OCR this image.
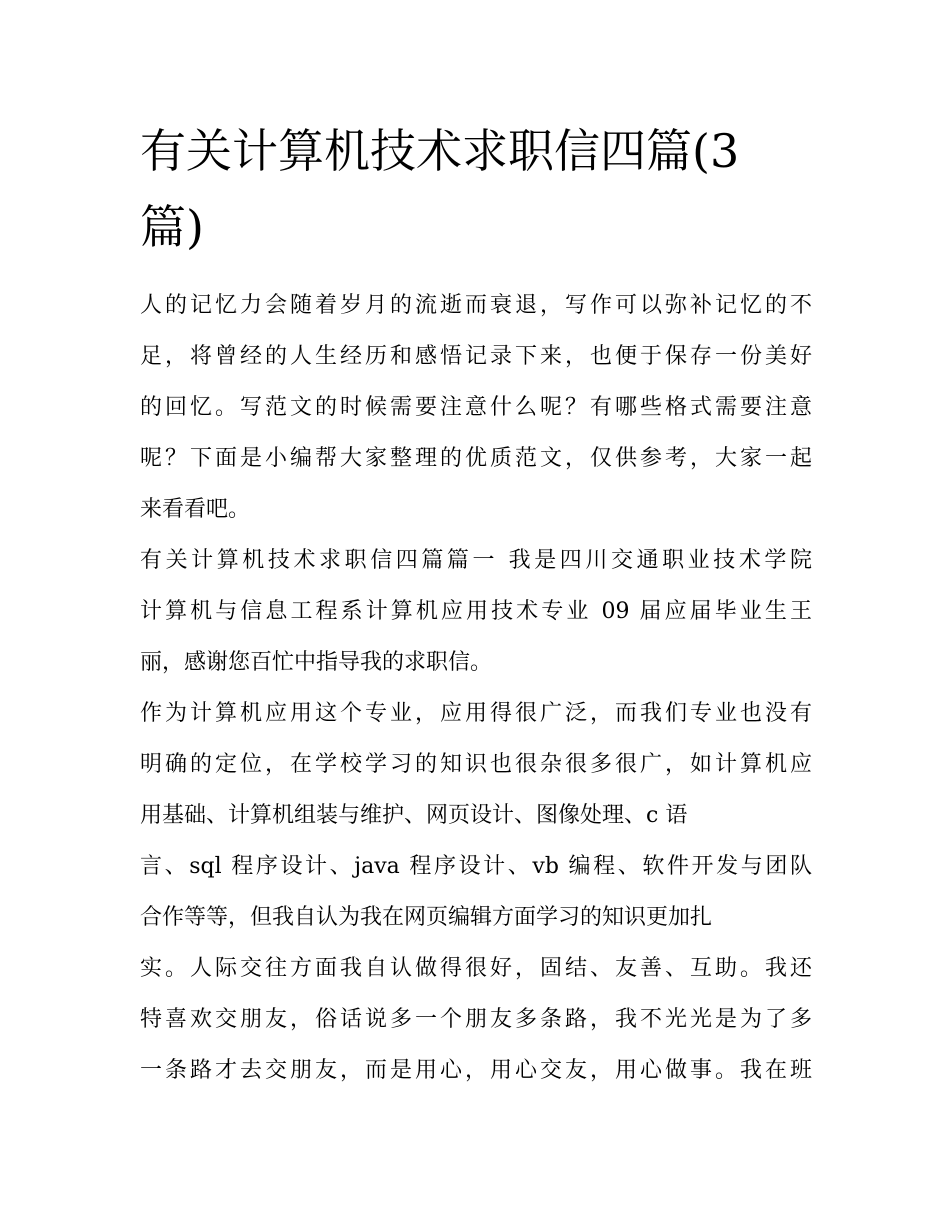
有关计算机技术求职信四篇(3
篇)

人的记忆力会随着岁月的流逝而衰退，写作可以弥补记忆的不
足，将曾经的人生经历和感悟记录下来，也便于保存一份美好
的回忆。写范文的时候需要注意什么呢？有哪些格式需要注意
呢？下面是小编帮大家整理的优质范文，仅供参考，大家一起
来看看吧。

有关计算机技术求职信四篇篇一 我是四川交通职业技术学院
计算机与信息工程系计算机应用技术专业 09 届应届毕业生王
丽，感谢您百忙中指导我的求职信。

作为计算机应用这个专业，应用得很广泛，而我们专业也没有
明确的定位，在学校学习的知识也很杂很多很广，如计算机应
用基础、计算机组装与维护、网页设计、图像处理、c 语
言、sql 程序设计、java 程序设计、vb 编程、软件开发与团队
合作等等，但我自认为我在网页编辑方面学习的知识更加扎
实。人际交往方面我自认做得很好，固结、友善、互助。我还
特喜欢交朋友，俗话说多一个朋友多条路，我不光光是为了多
一条路才去交朋友，而是用心，用心交友，用心做事。我在班
